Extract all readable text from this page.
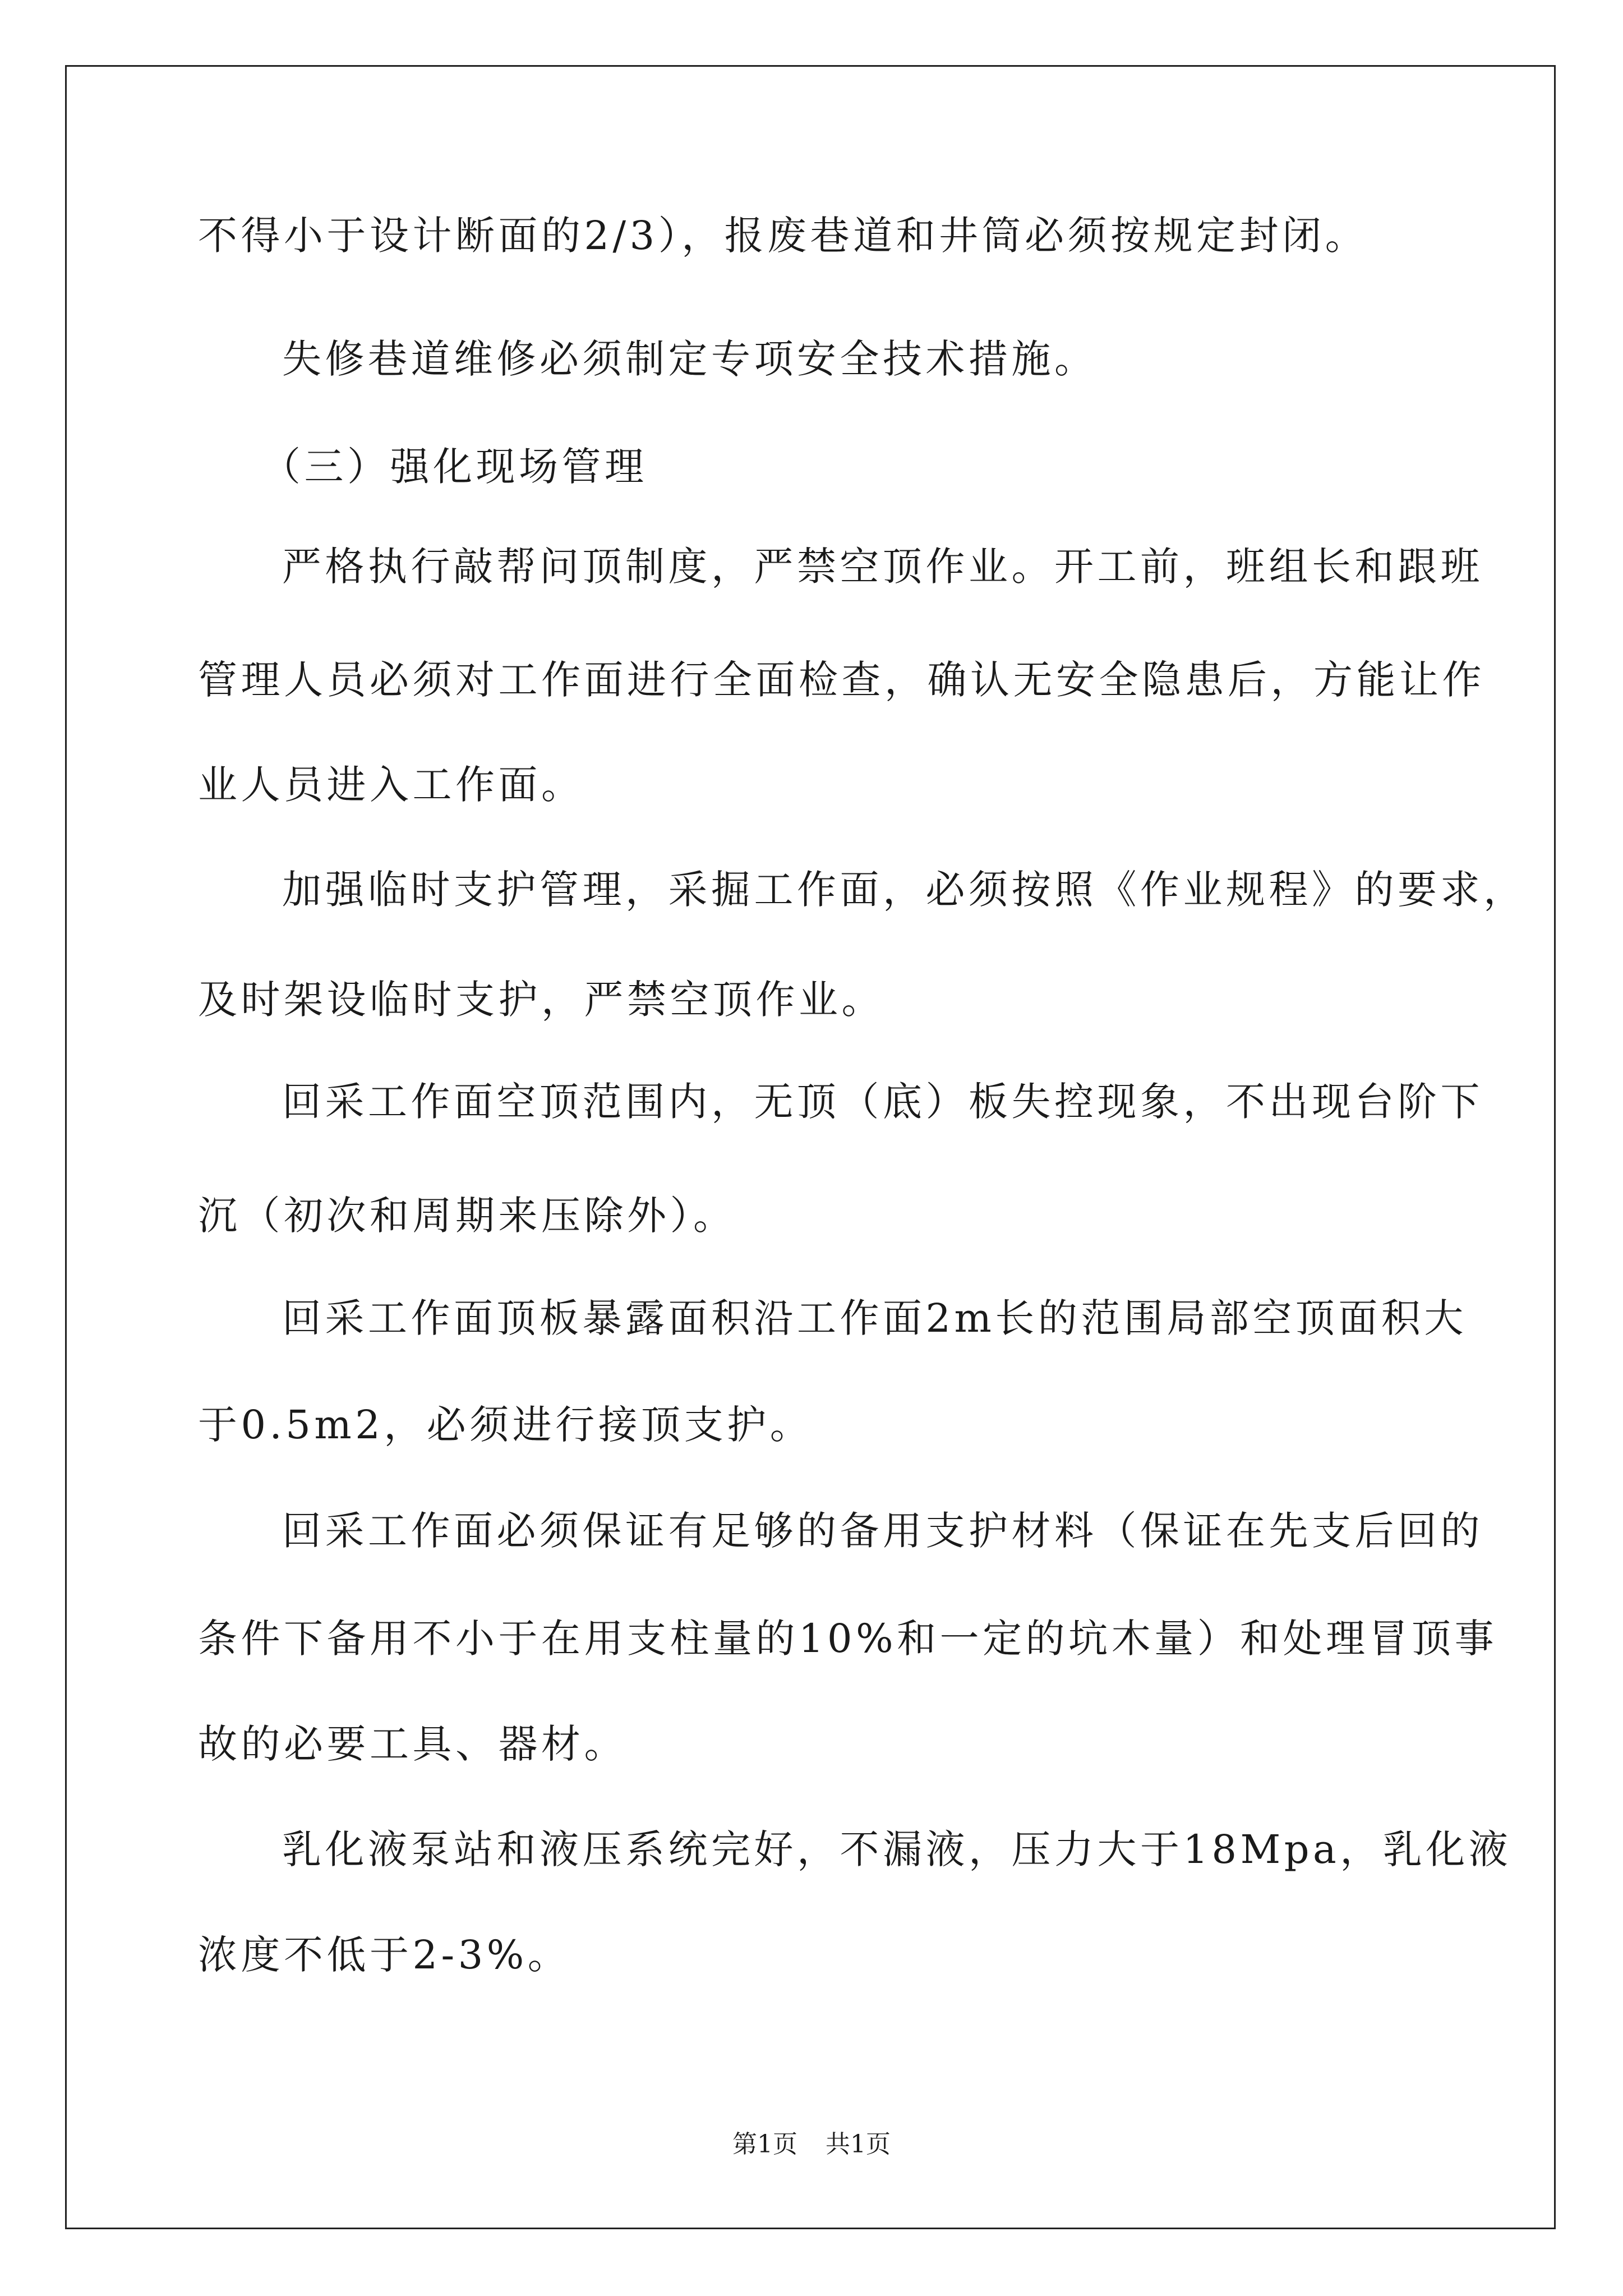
不得小于设计断面的2/3），报废巷道和井筒必须按规定封闭。
失修巷道维修必须制定专项安全技术措施。
（三）强化现场管理
严格执行敲帮问顶制度，严禁空顶作业。开工前，班组长和跟班
管理人员必须对工作面进行全面检查，确认无安全隐患后，方能让作
业人员进入工作面。
加强临时支护管理，采掘工作面，必须按照《作业规程》的要求，
及时架设临时支护，严禁空顶作业。
回采工作面空顶范围内，无顶（底）板失控现象，不出现台阶下
沉（初次和周期来压除外）。
回采工作面顶板暴露面积沿工作面2m长的范围局部空顶面积大
于0.5m2，必须进行接顶支护。
回采工作面必须保证有足够的备用支护材料（保证在先支后回的
条件下备用不小于在用支柱量的10%和一定的坑木量）和处理冒顶事
故的必要工具、器材。
乳化液泵站和液压系统完好，不漏液，压力大于18Mpa，乳化液
浓度不低于2-3%。
第1页 共1页
